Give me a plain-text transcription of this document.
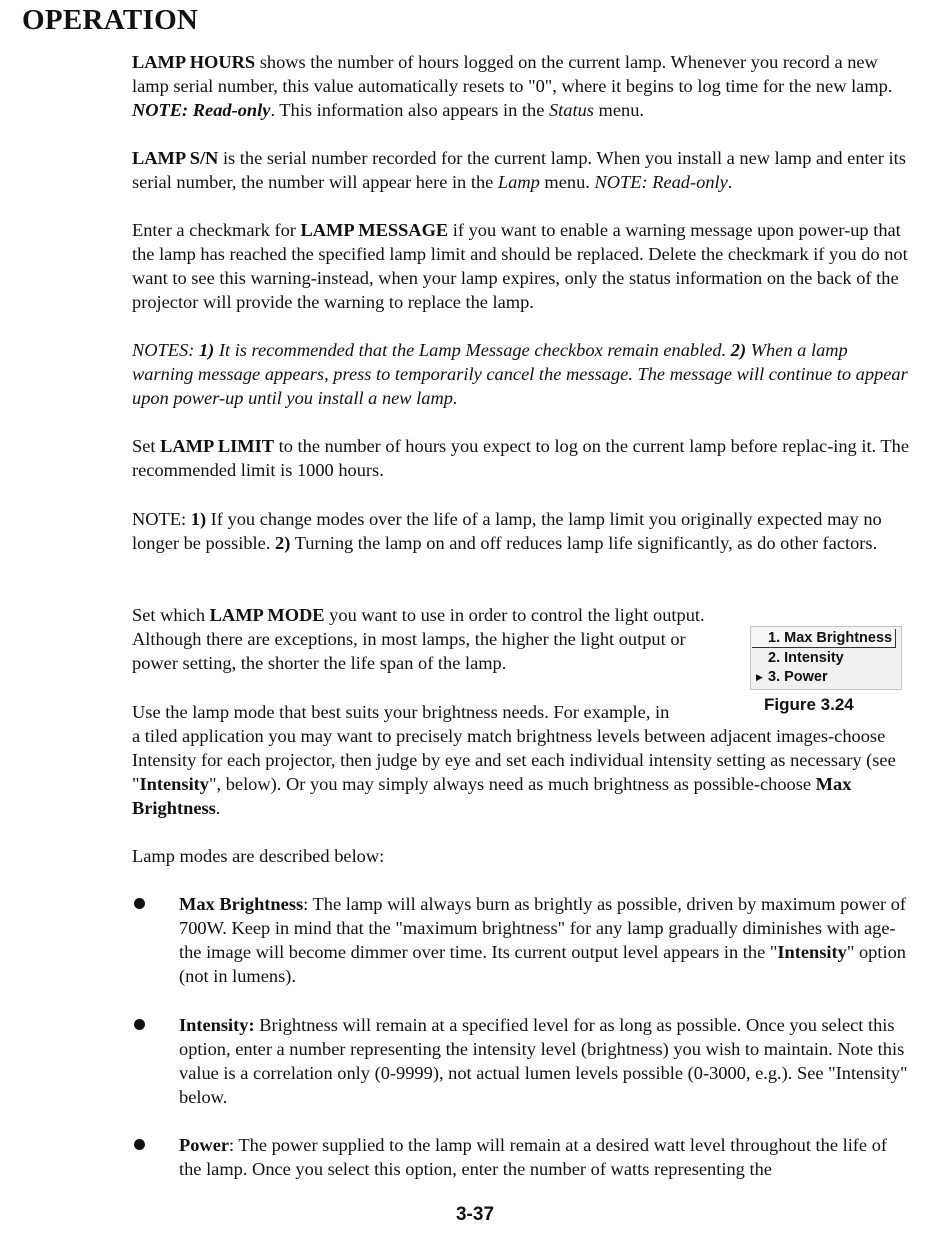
OPERATION

LAMP HOURS shows the number of hours logged on the current lamp. Whenever you record a new lamp serial number, this value automatically resets to "0", where it begins to log time for the new lamp. NOTE: Read-only. This information also appears in the Status menu.

LAMP S/N is the serial number recorded for the current lamp. When you install a new lamp and enter its serial number, the number will appear here in the Lamp menu. NOTE: Read-only.

Enter a checkmark for LAMP MESSAGE if you want to enable a warning message upon power-up that the lamp has reached the specified lamp limit and should be replaced. Delete the checkmark if you do not want to see this warning-instead, when your lamp expires, only the status information on the back of the projector will provide the warning to replace the lamp.

NOTES: 1) It is recommended that the Lamp Message checkbox remain enabled. 2) When a lamp warning message appears, press to temporarily cancel the message. The message will continue to appear upon power-up until you install a new lamp.

Set LAMP LIMIT to the number of hours you expect to log on the current lamp before replac-ing it. The recommended limit is 1000 hours.

NOTE: 1) If you change modes over the life of a lamp, the lamp limit you originally expected may no longer be possible. 2) Turning the lamp on and off reduces lamp life significantly, as do other factors.

Set which LAMP MODE you want to use in order to control the light output. Although there are exceptions, in most lamps, the higher the light output or power setting, the shorter the life span of the lamp.

1. Max Brightness
2. Intensity
▶ 3. Power
Figure 3.24
Use the lamp mode that best suits your brightness needs. For example, in

a tiled application you may want to precisely match brightness levels between adjacent images-choose Intensity for each projector, then judge by eye and set each individual intensity setting as necessary (see "Intensity", below). Or you may simply always need as much brightness as possible-choose Max Brightness.

Lamp modes are described below:

Max Brightness: The lamp will always burn as brightly as possible, driven by maximum power of 700W. Keep in mind that the "maximum brightness" for any lamp gradually diminishes with age-the image will become dimmer over time. Its current output level appears in the "Intensity" option (not in lumens).

Intensity: Brightness will remain at a specified level for as long as possible. Once you select this option, enter a number representing the intensity level (brightness) you wish to maintain. Note this value is a correlation only (0-9999), not actual lumen levels possible (0-3000, e.g.). See "Intensity" below.

Power: The power supplied to the lamp will remain at a desired watt level throughout the life of the lamp. Once you select this option, enter the number of watts representing the

3-37
